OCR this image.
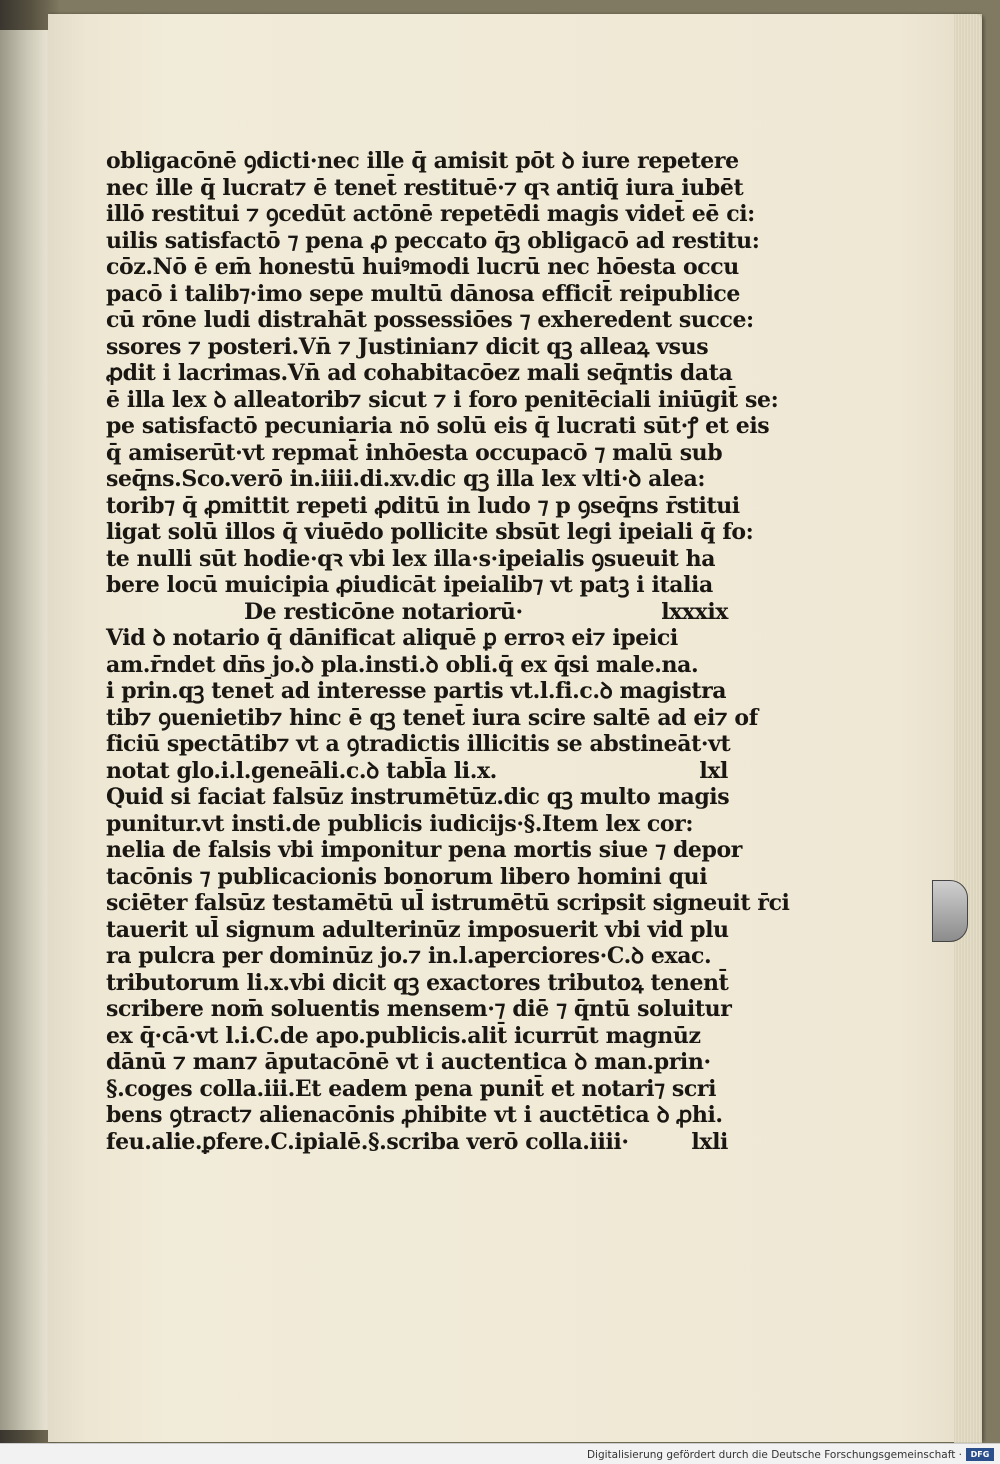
obligacōnē ꝯdicti·nec ille q̄ amisit pōt ꝺ iure repetere
nec ille q̄ lucrat⁊ ē tenet̄ restituē·⁊ qꝛ antiq̄ iura iubēt
illō restitui ⁊ ꝯcedūt actōnē repetēdi magis videt̄ eē ci:
uilis satisfactō ⁊ pena ꝓ peccato q̄ꝫ obligacō ad restitu:
cōz.Nō ē em̄ honestū huiꝰmodi lucrū nec hōesta occu
pacō i talib⁊·imo sepe multū dānosa efficit̄ reipublice
cū rōne ludi distrahāt possessiōes ⁊ exheredent succe:
ssores ⁊ posteri.Vn̄ ⁊ Justinian⁊ dicit qꝫ alleaꝝ vsus
ꝓdit i lacrimas.Vn̄ ad cohabitacōez mali seq̄ntis data
ē illa lex ꝺ alleatorib⁊ sicut ⁊ i foro penitēciali iniūgit̄ se:
pe satisfactō pecuniaria nō solū eis q̄ lucrati sūt·ꝭ et eis
q̄ amiserūt·vt repmat̄ inhōesta occupacō ⁊ malū sub
seq̄ns.Sco.verō in.iiii.di.xv.dic qꝫ illa lex vlti·ꝺ alea:
torib⁊ q̄ ꝓmittit repeti ꝓditū in ludo ⁊ p ꝯseq̄ns r̄stitui
ligat solū illos q̄ viuēdo pollicite sbsūt legi ipeiali q̄ fo:
te nulli sūt hodie·qꝛ vbi lex illa·s·ipeialis ꝯsueuit ha
bere locū muicipia ꝓiudicāt ipeialib⁊ vt patꝫ i italia
De resticōne notariorū·	lxxxix
Vid ꝺ notario q̄ dānificat aliquē ꝑ erroꝛ ei⁊ ipeici
am.r̄ndet dn̄s jo.ꝺ pla.insti.ꝺ obli.q̄ ex q̄si male.na.
i prin.qꝫ tenet̄ ad interesse partis vt.l.fi.c.ꝺ magistra
tib⁊ ꝯuenietib⁊ hinc ē qꝫ tenet̄ iura scire saltē ad ei⁊ of
ficiū spectātib⁊ vt a ꝯtradictis illicitis se abstineāt·vt
notat glo.i.l.geneāli.c.ꝺ tabl̄a li.x.	lxl
Quid si faciat falsūz instrumētūz.dic qꝫ multo magis
punitur.vt insti.de publicis iudicijs·§.Item lex cor:
nelia de falsis vbi imponitur pena mortis siue ⁊ depor
tacōnis ⁊ publicacionis bonorum libero homini qui
sciēter falsūz testamētū ul̄ istrumētū scripsit signeuit r̄ci
tauerit ul̄ signum adulterinūz imposuerit vbi vid plu
ra pulcra per dominūz jo.⁊ in.l.aperciores·C.ꝺ exac.
tributorum li.x.vbi dicit qꝫ exactores tributoꝝ tenent̄
scribere nom̄ soluentis mensem·⁊ diē ⁊ q̄ntū soluitur
ex q̄·cā·vt l.i.C.de apo.publicis.alit̄ icurrūt magnūz
dānū ⁊ man⁊ āputacōnē vt i auctentica ꝺ man.prin·
§.coges colla.iii.Et eadem pena punit̄ et notari⁊ scri
bens ꝯtract⁊ alienacōnis ꝓhibite vt i auctētica ꝺ ꝓhi.
feu.alie.ꝑfere.C.ipialē.§.scriba verō colla.iiii·	lxli
Digitalisierung gefördert durch die Deutsche Forschungsgemeinschaft ·	DFG
